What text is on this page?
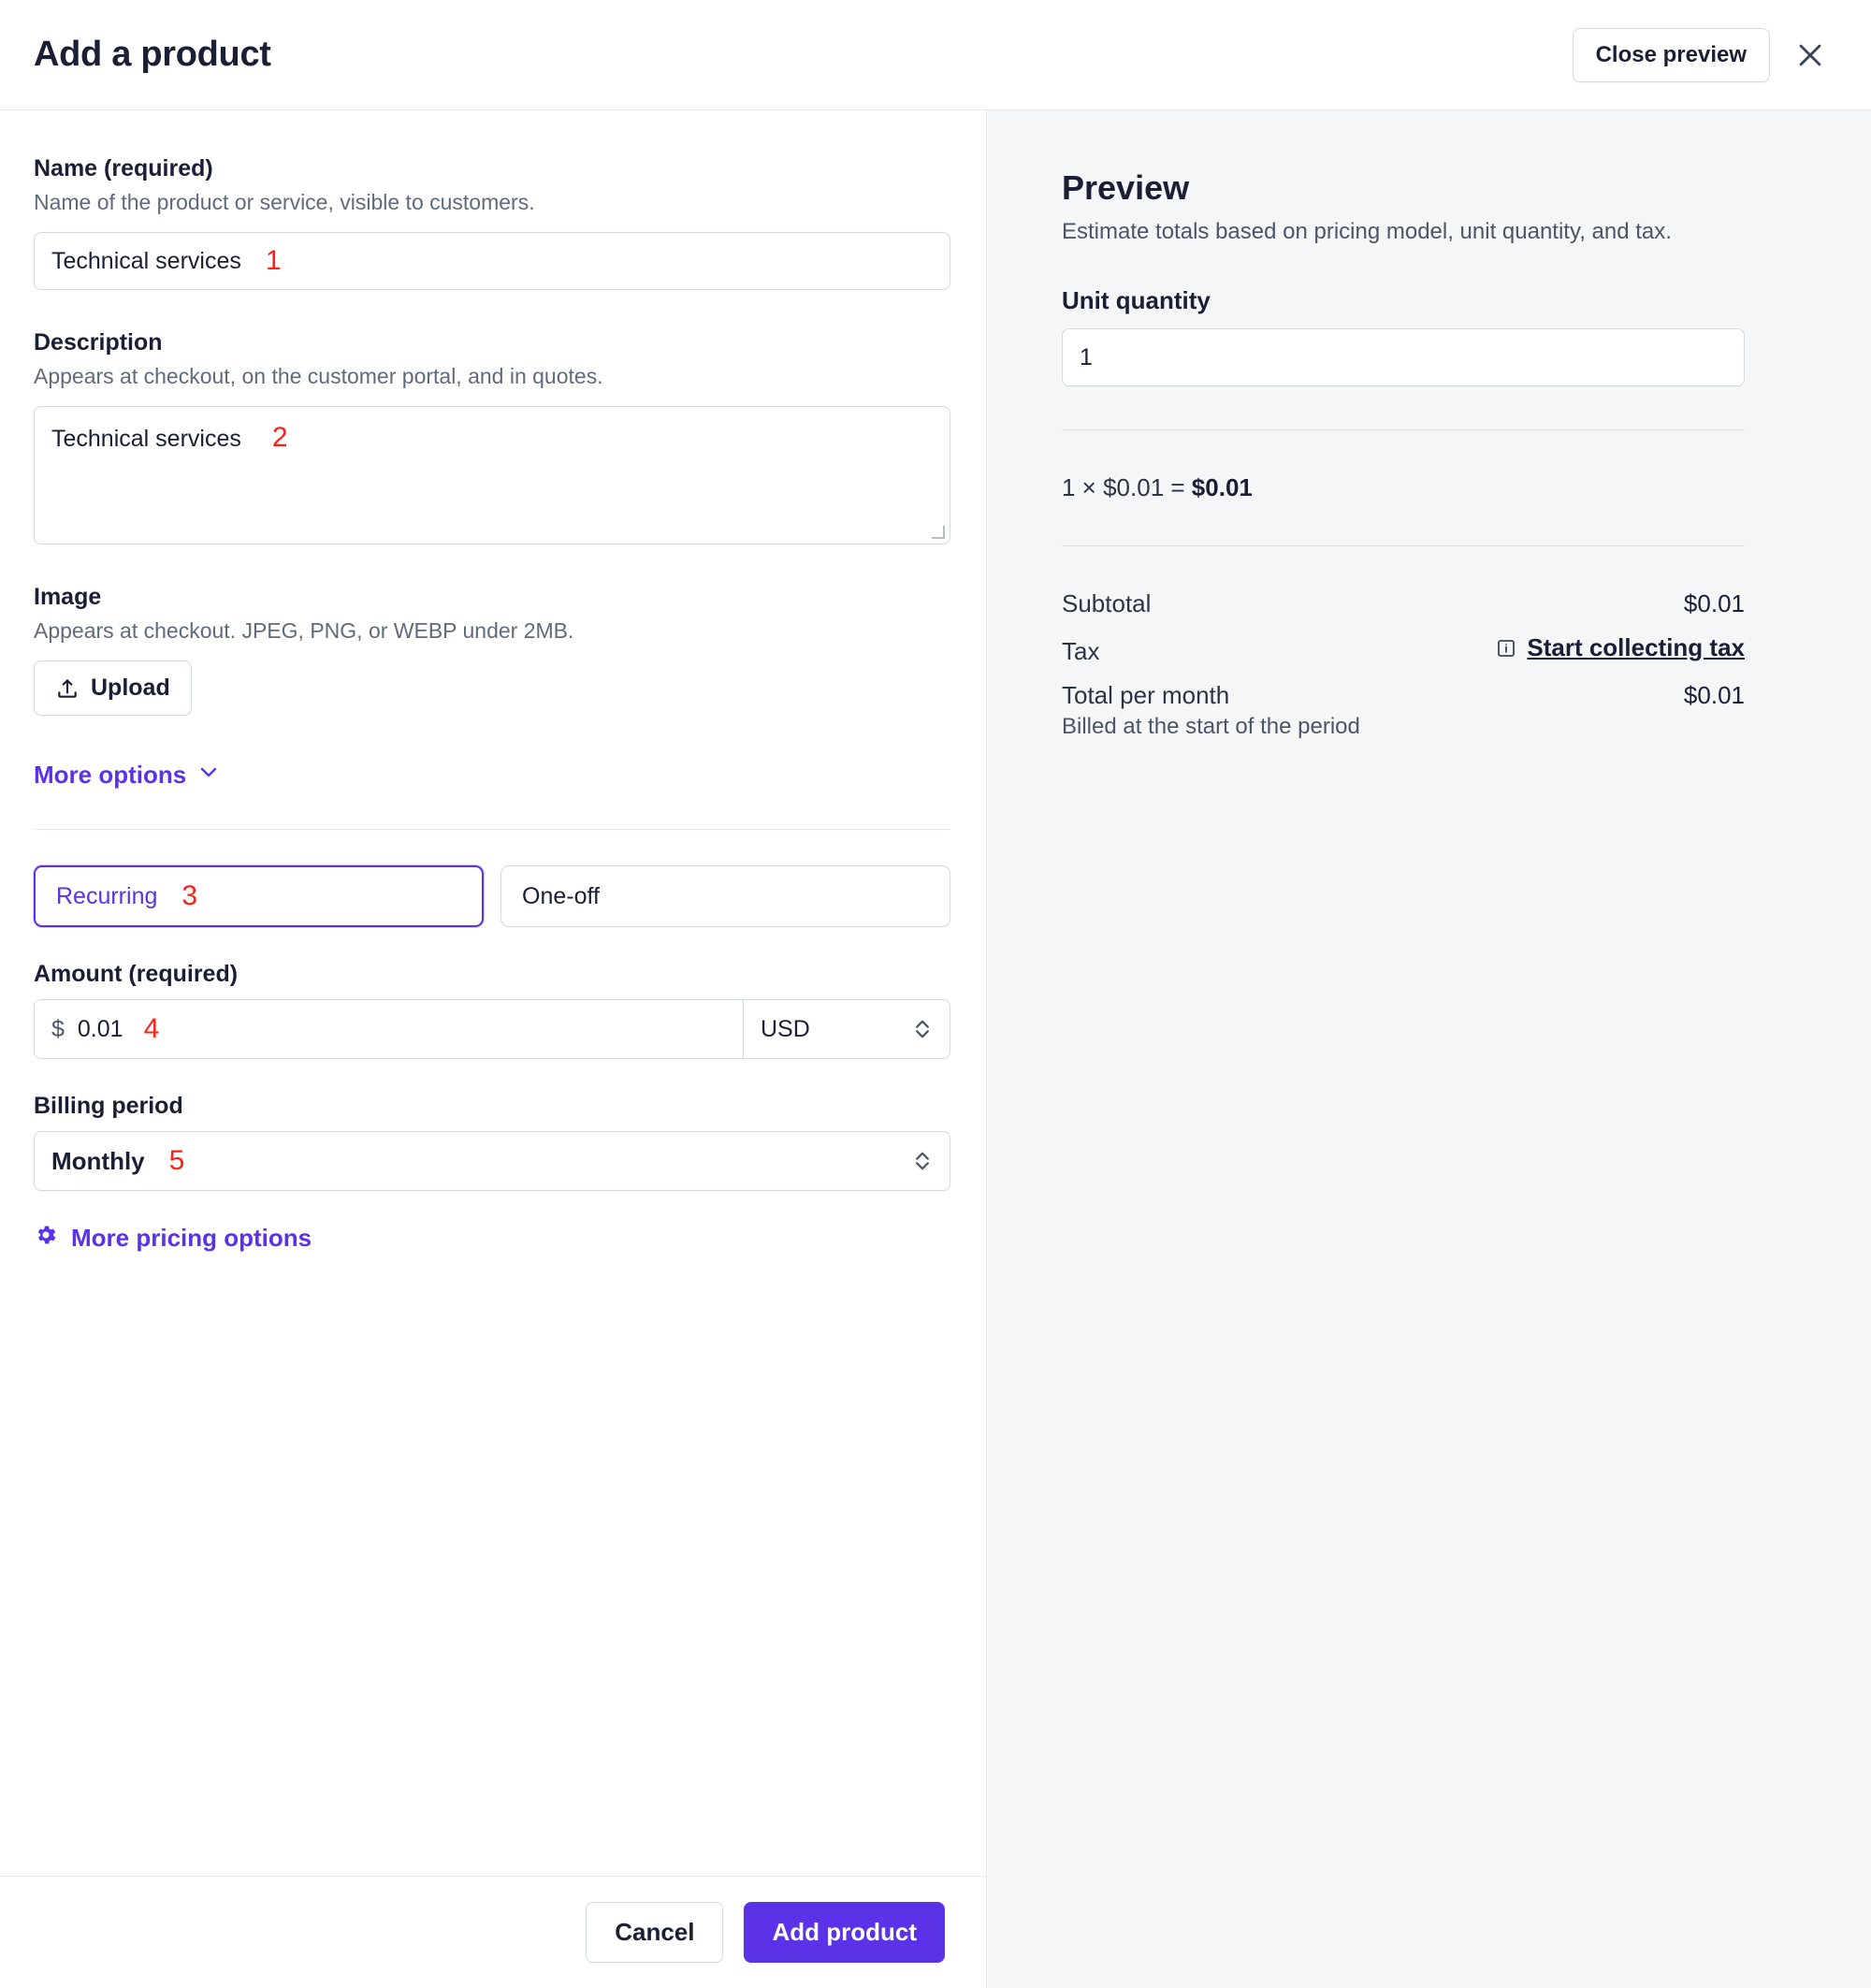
Add a product	Close preview
Name (required)
Name of the product or service, visible to customers.
Technical services 1
Description
Appears at checkout, on the customer portal, and in quotes.
Technical services 2
Image
Appears at checkout. JPEG, PNG, or WEBP under 2MB.
Upload
More options
Recurring 3	One-off
Amount (required)
$ 0.01 4	USD
Billing period
Monthly 5
More pricing options
Cancel	Add product
Preview
Estimate totals based on pricing model, unit quantity, and tax.
Unit quantity
1
1 × $0.01 = $0.01
Subtotal	$0.01
Tax	Start collecting tax
Total per month	$0.01
Billed at the start of the period
